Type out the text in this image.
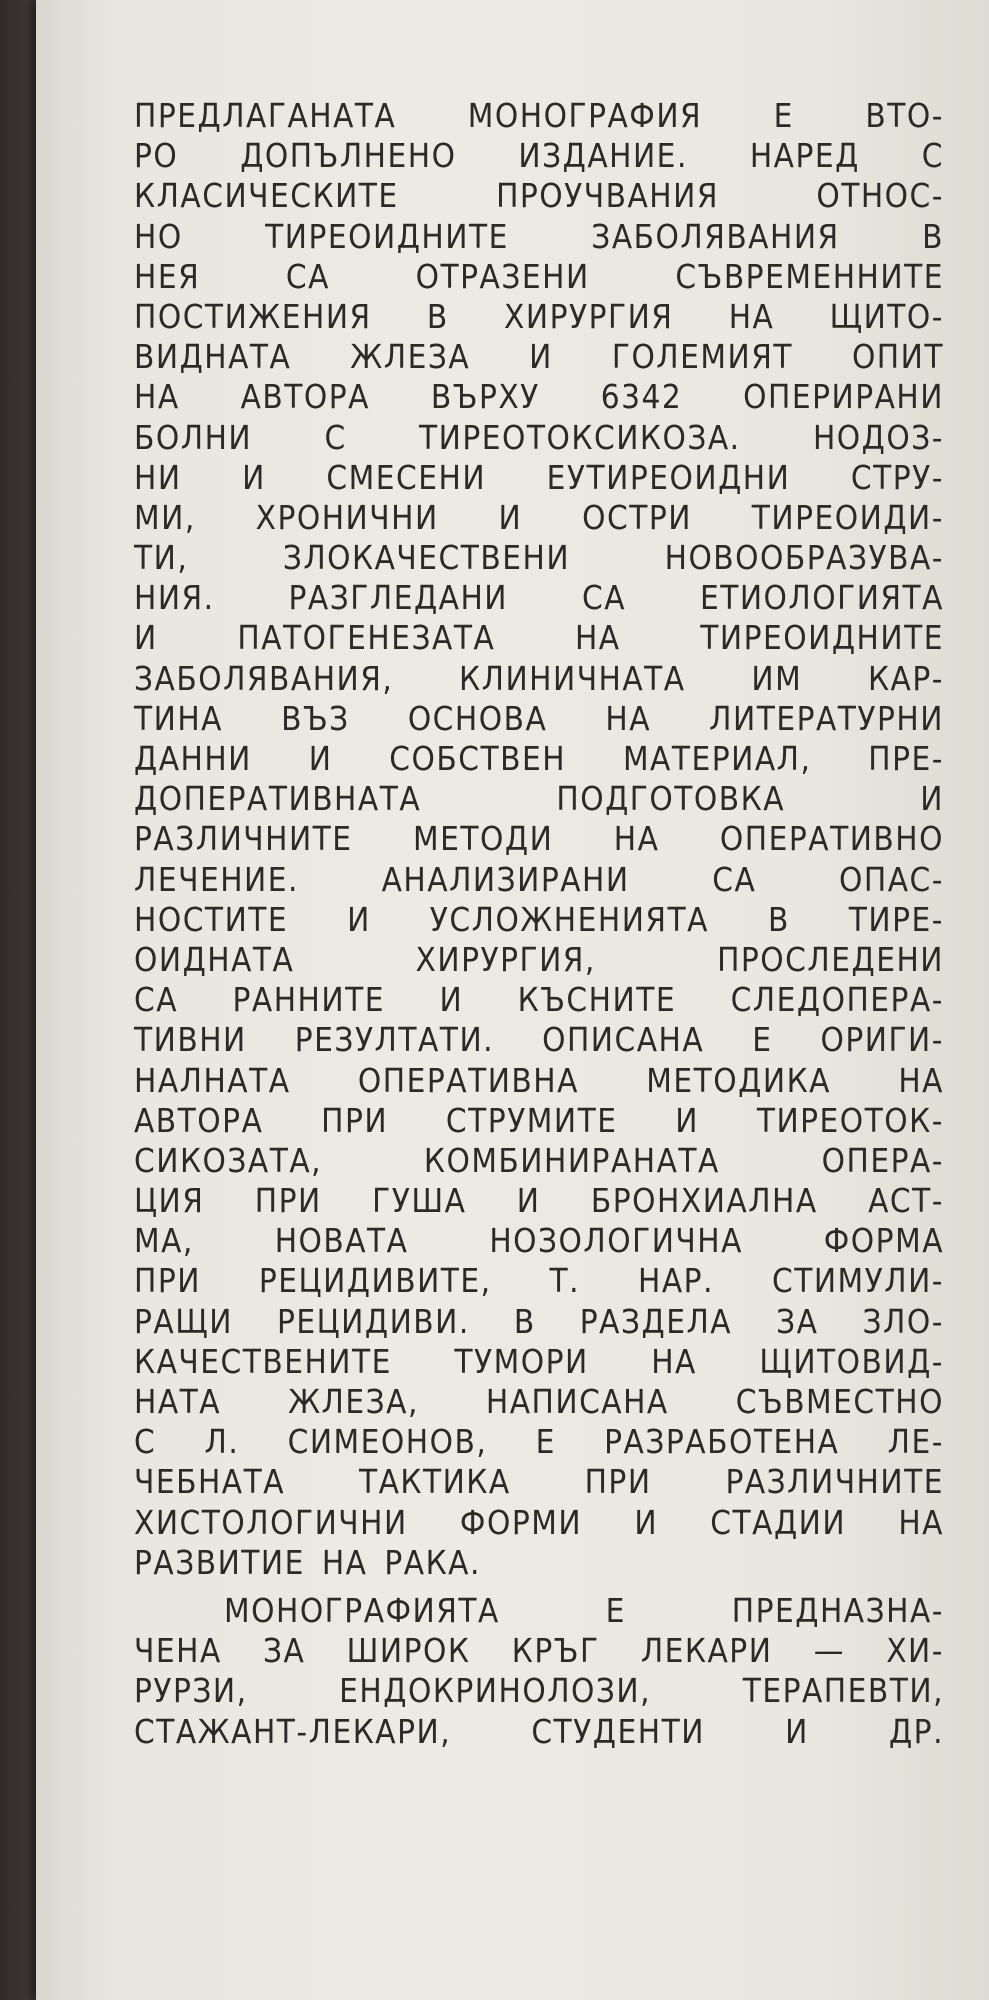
ПРЕДЛАГАНАТА МОНОГРАФИЯ Е ВТО-
РО ДОПЪЛНЕНО ИЗДАНИЕ. НАРЕД С
КЛАСИЧЕСКИТЕ	ПРОУЧВАНИЯ	ОТНОС-
НО ТИРЕОИДНИТЕ ЗАБОЛЯВАНИЯ В
НЕЯ	СА	ОТРАЗЕНИ	СЪВРЕМЕННИТЕ
ПОСТИЖЕНИЯ В ХИРУРГИЯ НА ЩИТО-
ВИДНАТА ЖЛЕЗА И ГОЛЕМИЯТ ОПИТ
НА АВТОРА ВЪРХУ 6342 ОПЕРИРАНИ
БОЛНИ С ТИРЕОТОКСИКОЗА. НОДОЗ-
НИ И СМЕСЕНИ ЕУТИРЕОИДНИ СТРУ-
МИ, ХРОНИЧНИ И ОСТРИ ТИРЕОИДИ-
ТИ,	ЗЛОКАЧЕСТВЕНИ	НОВООБРАЗУВА-
НИЯ. РАЗГЛЕДАНИ СА ЕТИОЛОГИЯТА
И ПАТОГЕНЕЗАТА НА ТИРЕОИДНИТЕ
ЗАБОЛЯВАНИЯ, КЛИНИЧНАТА ИМ КАР-
ТИНА ВЪЗ ОСНОВА НА ЛИТЕРАТУРНИ
ДАННИ И СОБСТВЕН МАТЕРИАЛ, ПРЕ-
ДОПЕРАТИВНАТА	ПОДГОТОВКА	И
РАЗЛИЧНИТЕ МЕТОДИ НА ОПЕРАТИВНО
ЛЕЧЕНИЕ.	АНАЛИЗИРАНИ	СА	ОПАС-
НОСТИТЕ И УСЛОЖНЕНИЯТА В ТИРЕ-
ОИДНАТА	ХИРУРГИЯ,	ПРОСЛЕДЕНИ
СА РАННИТЕ И КЪСНИТЕ СЛЕДОПЕРА-
ТИВНИ РЕЗУЛТАТИ. ОПИСАНА Е ОРИГИ-
НАЛНАТА ОПЕРАТИВНА МЕТОДИКА НА
АВТОРА ПРИ СТРУМИТЕ И ТИРЕОТОК-
СИКОЗАТА,	КОМБИНИРАНАТА	ОПЕРА-
ЦИЯ ПРИ ГУША И БРОНХИАЛНА АСТ-
МА, НОВАТА НОЗОЛОГИЧНА ФОРМА
ПРИ РЕЦИДИВИТЕ, Т. НАР. СТИМУЛИ-
РАЩИ РЕЦИДИВИ. В РАЗДЕЛА ЗА ЗЛО-
КАЧЕСТВЕНИТЕ ТУМОРИ НА ЩИТОВИД-
НАТА ЖЛЕЗА, НАПИСАНА СЪВМЕСТНО
С Л. СИМЕОНОВ, Е РАЗРАБОТЕНА ЛЕ-
ЧЕБНАТА ТАКТИКА ПРИ РАЗЛИЧНИТЕ
ХИСТОЛОГИЧНИ ФОРМИ И СТАДИИ НА
РАЗВИТИЕ НА РАКА.
МОНОГРАФИЯТА	Е	ПРЕДНАЗНА-
ЧЕНА ЗА ШИРОК КРЪГ ЛЕКАРИ — ХИ-
РУРЗИ,	ЕНДОКРИНОЛОЗИ,	ТЕРАПЕВТИ,
СТАЖАНТ-ЛЕКАРИ, СТУДЕНТИ И ДР.
